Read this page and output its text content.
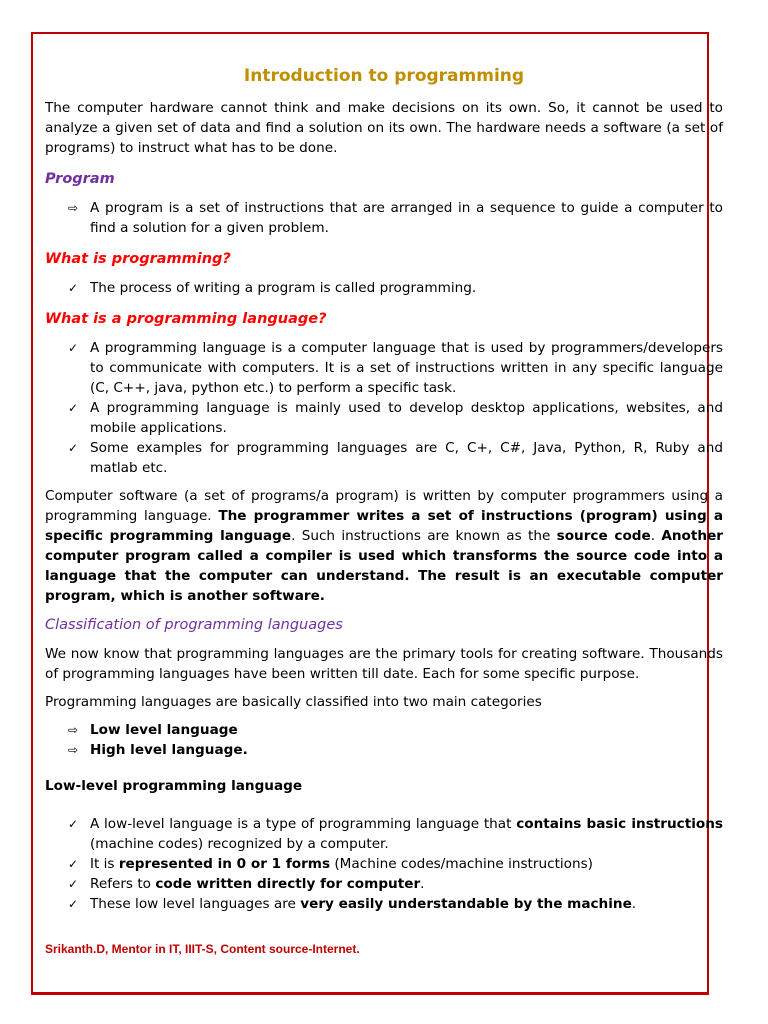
Introduction to programming

The computer hardware cannot think and make decisions on its own. So, it cannot be used to analyze a given set of data and find a solution on its own. The hardware needs a software (a set of programs) to instruct what has to be done.

Program
⇨ A program is a set of instructions that are arranged in a sequence to guide a computer to find a solution for a given problem.
What is programming?
✓ The process of writing a program is called programming.
What is a programming language?
✓ A programming language is a computer language that is used by programmers/developers to communicate with computers. It is a set of instructions written in any specific language (C, C++, java, python etc.) to perform a specific task.
✓ A programming language is mainly used to develop desktop applications, websites, and mobile applications.
✓ Some examples for programming languages are C, C+, C#, Java, Python, R, Ruby and matlab etc.

Computer software (a set of programs/a program) is written by computer programmers using a programming language. The programmer writes a set of instructions (program) using a specific programming language. Such instructions are known as the source code. Another computer program called a compiler is used which transforms the source code into a language that the computer can understand. The result is an executable computer program, which is another software.

Classification of programming languages

We now know that programming languages are the primary tools for creating software. Thousands of programming languages have been written till date. Each for some specific purpose.

Programming languages are basically classified into two main categories

⇨ Low level language
⇨ High level language.
Low-level programming language
✓ A low-level language is a type of programming language that contains basic instructions (machine codes) recognized by a computer.
✓ It is represented in 0 or 1 forms (Machine codes/machine instructions)
✓ Refers to code written directly for computer.
✓ These low level languages are very easily understandable by the machine.
Srikanth.D, Mentor in IT, IIIT-S, Content source-Internet.
